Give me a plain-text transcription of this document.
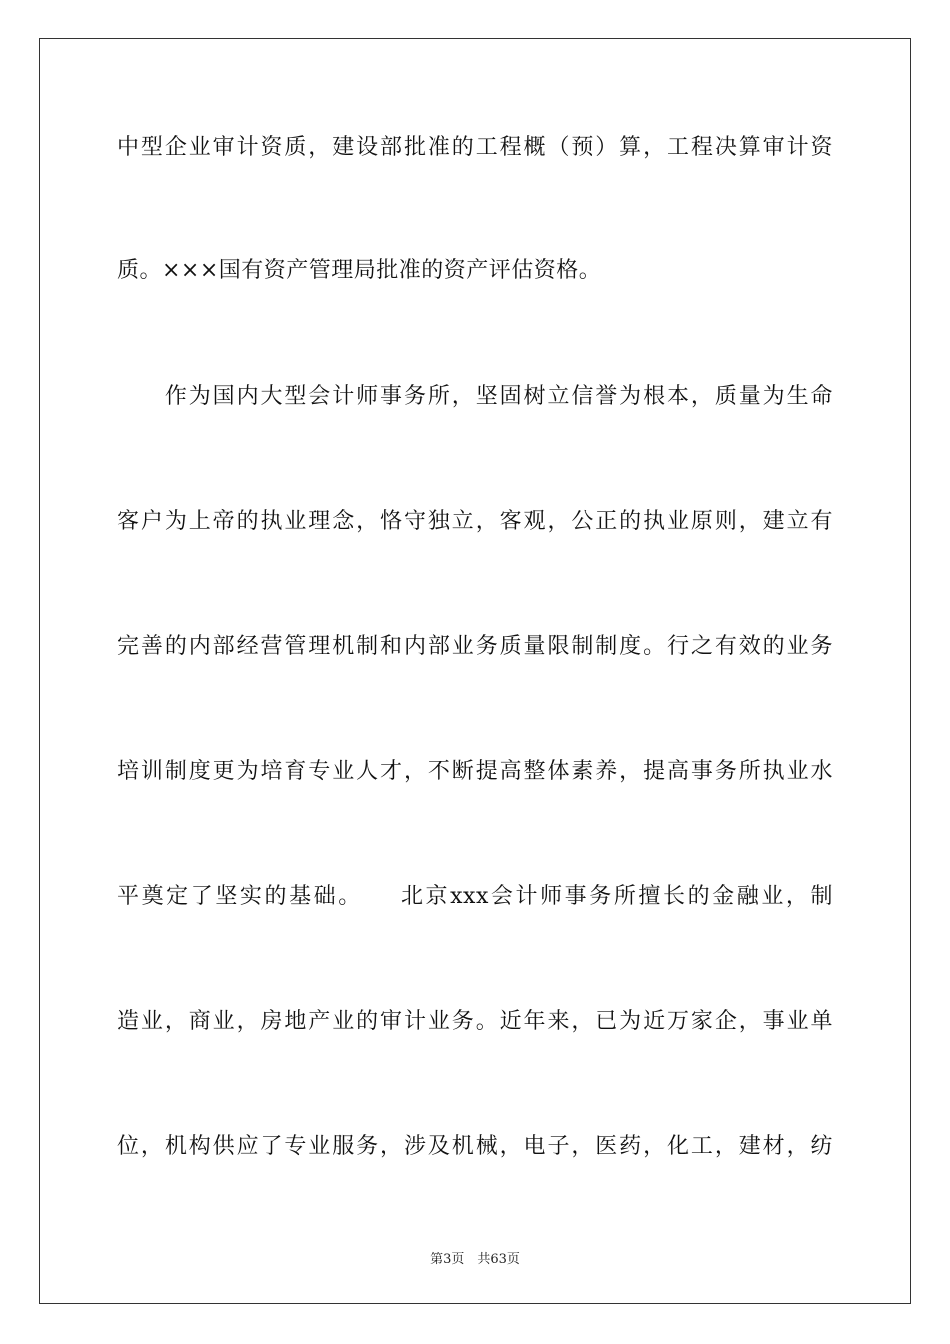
中型企业审计资质，建设部批准的工程概（预）算，工程决算审计资
质。×××国有资产管理局批准的资产评估资格。
　　作为国内大型会计师事务所，坚固树立信誉为根本，质量为生命
客户为上帝的执业理念，恪守独立，客观，公正的执业原则，建立有
完善的内部经营管理机制和内部业务质量限制制度。行之有效的业务
培训制度更为培育专业人才，不断提高整体素养，提高事务所执业水
平奠定了坚实的基础。　　北京xxx会计师事务所擅长的金融业，制
造业，商业，房地产业的审计业务。近年来，已为近万家企，事业单
位，机构供应了专业服务，涉及机械，电子，医药，化工，建材，纺
第3页　共63页
